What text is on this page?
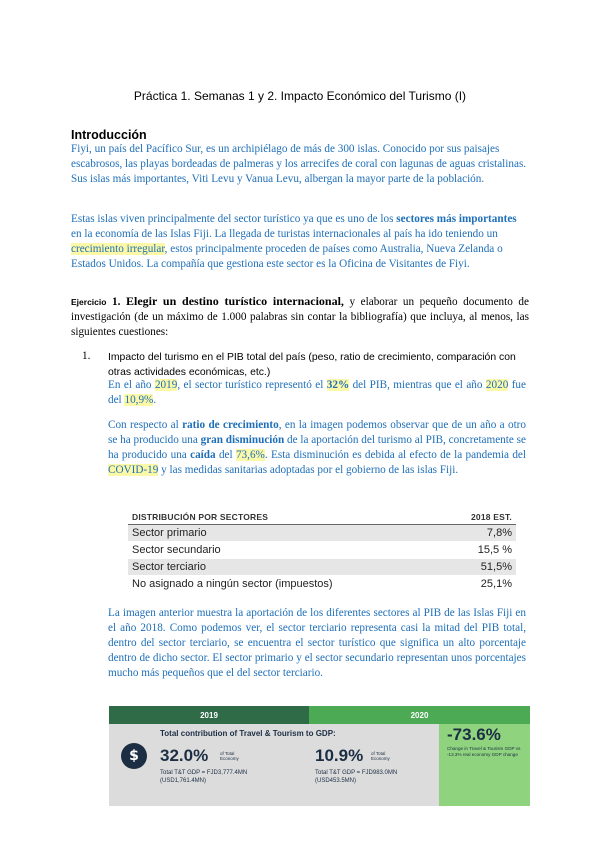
Práctica 1. Semanas 1 y 2. Impacto Económico del Turismo (I)
Introducción
Fiyi, un país del Pacífico Sur, es un archipiélago de más de 300 islas. Conocido por sus paisajes escabrosos, las playas bordeadas de palmeras y los arrecifes de coral con lagunas de aguas cristalinas. Sus islas más importantes, Viti Levu y Vanua Levu, albergan la mayor parte de la población.
Estas islas viven principalmente del sector turístico ya que es uno de los sectores más importantes en la economía de las Islas Fiji. La llegada de turistas internacionales al país ha ido teniendo un crecimiento irregular, estos principalmente proceden de países como Australia, Nueva Zelanda o Estados Unidos. La compañía que gestiona este sector es la Oficina de Visitantes de Fiyi.
Ejercicio 1. Elegir un destino turístico internacional, y elaborar un pequeño documento de investigación (de un máximo de 1.000 palabras sin contar la bibliografía) que incluya, al menos, las siguientes cuestiones:
1. Impacto del turismo en el PIB total del país (peso, ratio de crecimiento, comparación con otras actividades económicas, etc.)
En el año 2019, el sector turístico representó el 32% del PIB, mientras que el año 2020 fue del 10,9%.
Con respecto al ratio de crecimiento, en la imagen podemos observar que de un año a otro se ha producido una gran disminución de la aportación del turismo al PIB, concretamente se ha producido una caída del 73,6%. Esta disminución es debida al efecto de la pandemia del COVID-19 y las medidas sanitarias adoptadas por el gobierno de las islas Fiji.
DISTRIBUCIÓN POR SECTORES	2018 EST.
Sector primario	7,8%
Sector secundario	15,5 %
Sector terciario	51,5%
No asignado a ningún sector (impuestos)	25,1%
La imagen anterior muestra la aportación de los diferentes sectores al PIB de las Islas Fiji en el año 2018. Como podemos ver, el sector terciario representa casi la mitad del PIB total, dentro del sector terciario, se encuentra el sector turístico que significa un alto porcentaje dentro de dicho sector. El sector primario y el sector secundario representan unos porcentajes mucho más pequeños que el del sector terciario.
2019	2020
$
Total contribution of Travel & Tourism to GDP:
32.0%	of Total Economy
Total T&T GDP = FJD3,777.4MN
(USD1,761.4MN)
10.9% of Total Economy
Total T&T GDP = FJD983.0MN
(USD453.5MN)
-73.6%
Change in Travel & Tourism GDP vs -13.3% real economy GDP change
